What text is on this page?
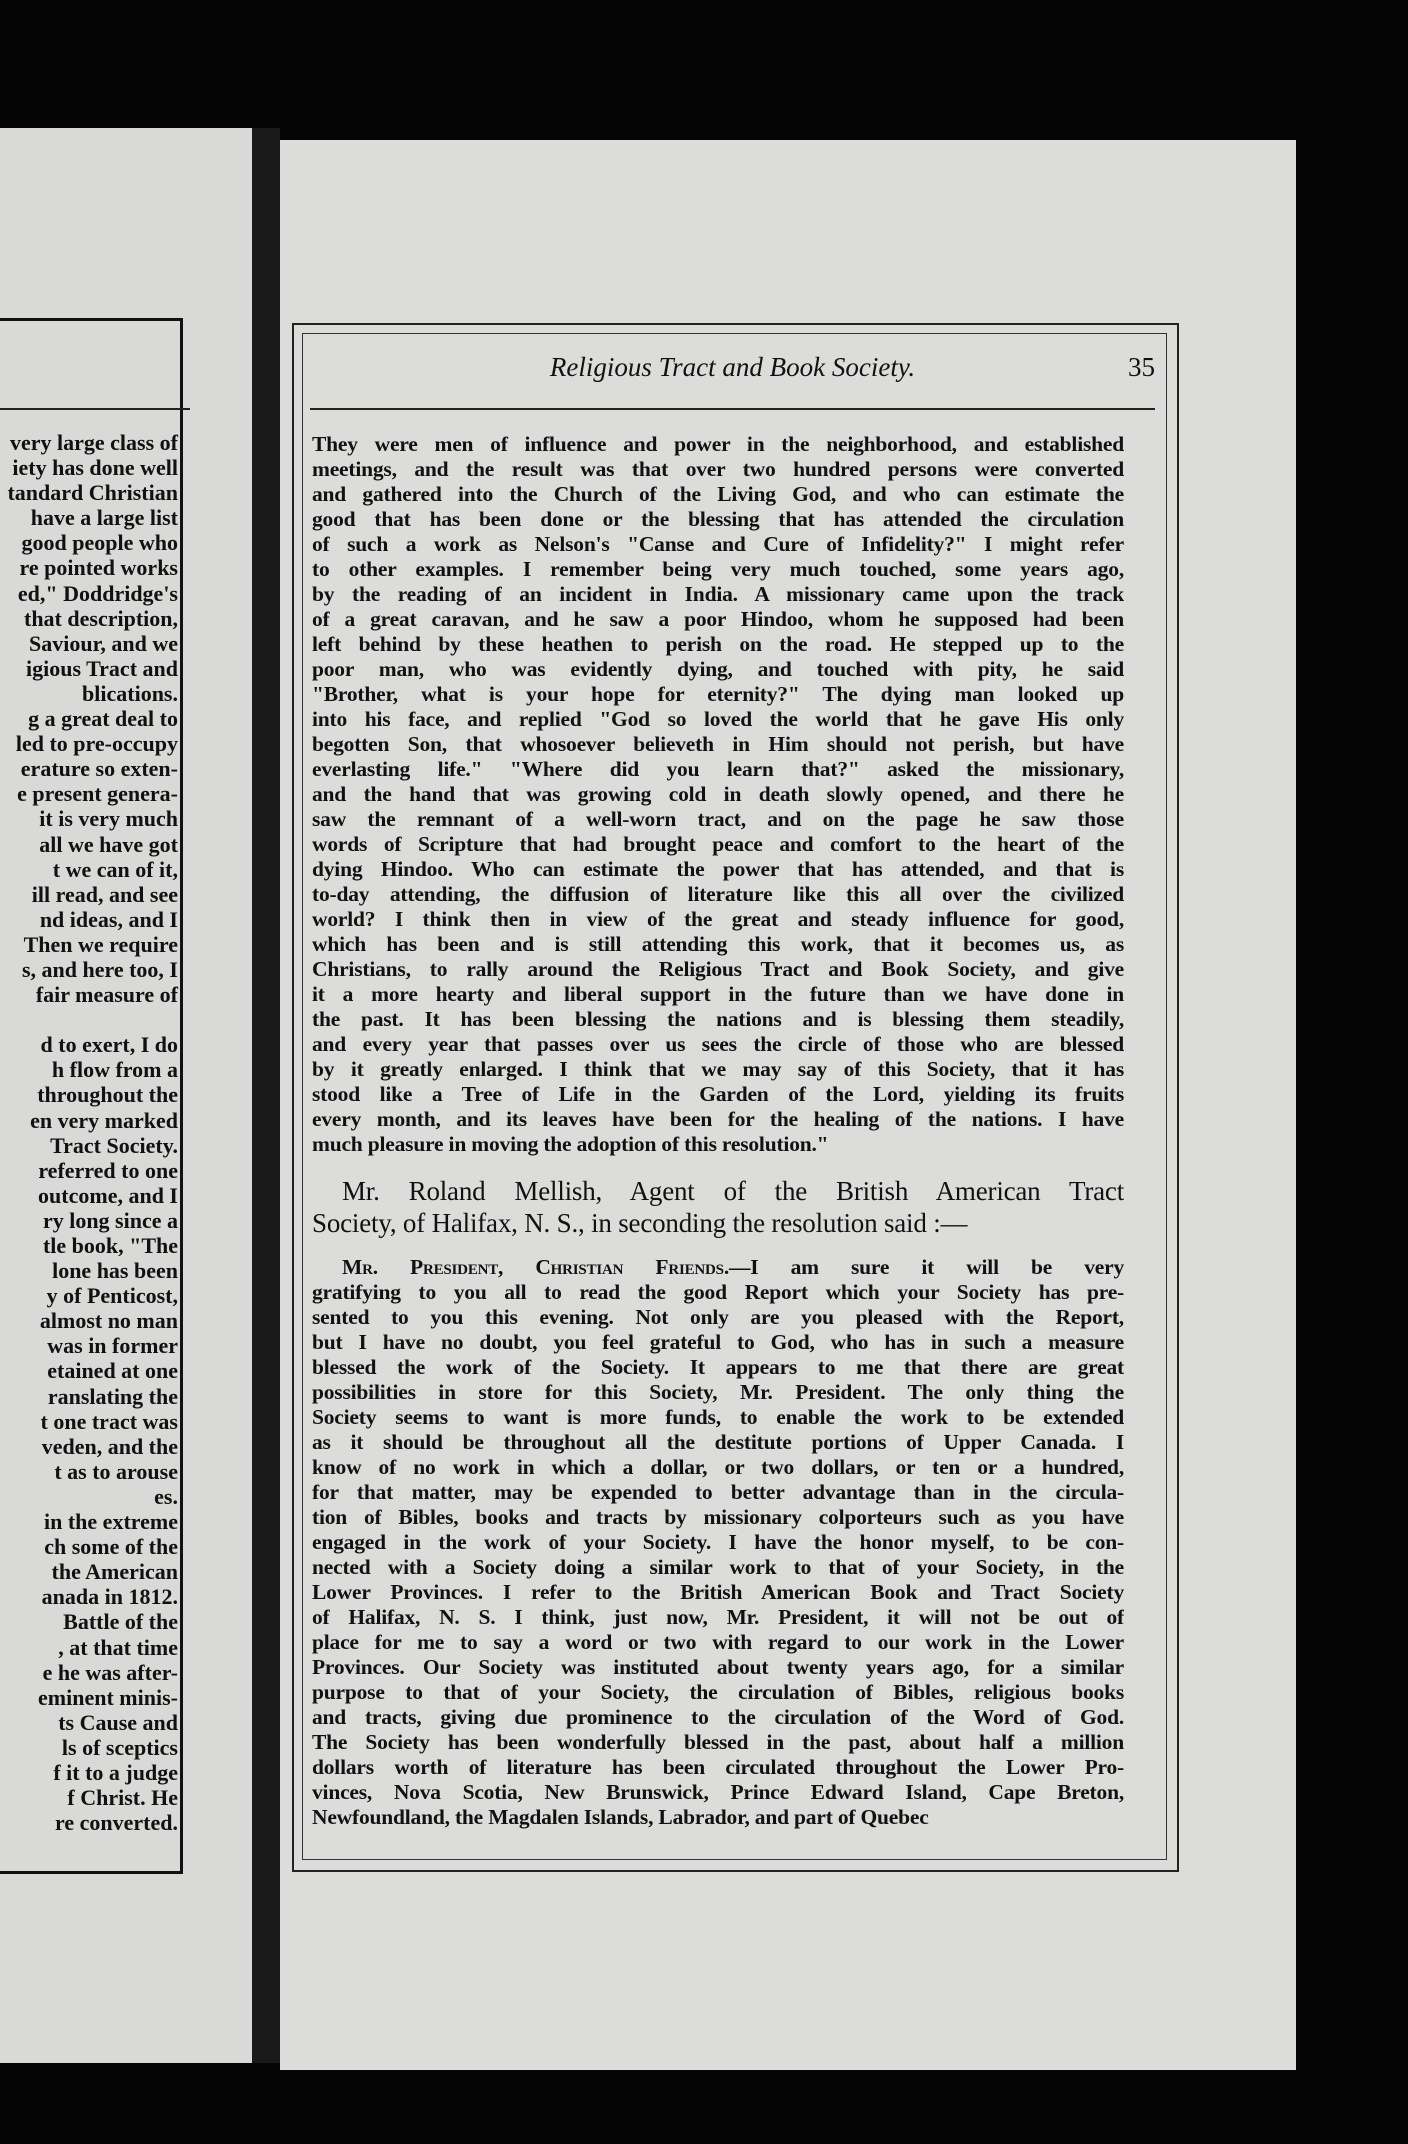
very large class of
iety has done well
tandard Christian
have a large list
good people who
re pointed works
ed," Doddridge's
that description,
Saviour, and we
igious Tract and
blications.
g a great deal to
led to pre-occupy
erature so exten-
e present genera-
it is very much
all we have got
t we can of it,
ill read, and see
nd ideas, and I
Then we require
s, and here too, I
fair measure of
d to exert, I do
h flow from a
throughout the
en very marked
Tract Society.
referred to one
outcome, and I
ry long since a
tle book, "The
lone has been
y of Penticost,
almost no man
was in former
etained at one
ranslating the
t one tract was
veden, and the
t as to arouse
es.
in the extreme
ch some of the
the American
anada in 1812.
Battle of the
, at that time
e he was after-
eminent minis-
ts Cause and
ls of sceptics
f it to a judge
f Christ. He
re converted.
Religious Tract and Book Society.	35
They were men of influence and power in the neighborhood, and established
meetings, and the result was that over two hundred persons were converted
and gathered into the Church of the Living God, and who can estimate the
good that has been done or the blessing that has attended the circulation
of such a work as Nelson's "Canse and Cure of Infidelity?" I might refer
to other examples. I remember being very much touched, some years ago,
by the reading of an incident in India. A missionary came upon the track
of a great caravan, and he saw a poor Hindoo, whom he supposed had been
left behind by these heathen to perish on the road. He stepped up to the
poor man, who was evidently dying, and touched with pity, he said
"Brother, what is your hope for eternity?" The dying man looked up
into his face, and replied "God so loved the world that he gave His only
begotten Son, that whosoever believeth in Him should not perish, but have
everlasting life." "Where did you learn that?" asked the missionary,
and the hand that was growing cold in death slowly opened, and there he
saw the remnant of a well-worn tract, and on the page he saw those
words of Scripture that had brought peace and comfort to the heart of the
dying Hindoo. Who can estimate the power that has attended, and that is
to-day attending, the diffusion of literature like this all over the civilized
world? I think then in view of the great and steady influence for good,
which has been and is still attending this work, that it becomes us, as
Christians, to rally around the Religious Tract and Book Society, and give
it a more hearty and liberal support in the future than we have done in
the past. It has been blessing the nations and is blessing them steadily,
and every year that passes over us sees the circle of those who are blessed
by it greatly enlarged. I think that we may say of this Society, that it has
stood like a Tree of Life in the Garden of the Lord, yielding its fruits
every month, and its leaves have been for the healing of the nations. I have
much pleasure in moving the adoption of this resolution."
Mr. Roland Mellish, Agent of the British American Tract
Society, of Halifax, N. S., in seconding the resolution said :—
Mr. President, Christian Friends.—I am sure it will be very
gratifying to you all to read the good Report which your Society has pre-
sented to you this evening. Not only are you pleased with the Report,
but I have no doubt, you feel grateful to God, who has in such a measure
blessed the work of the Society. It appears to me that there are great
possibilities in store for this Society, Mr. President. The only thing the
Society seems to want is more funds, to enable the work to be extended
as it should be throughout all the destitute portions of Upper Canada. I
know of no work in which a dollar, or two dollars, or ten or a hundred,
for that matter, may be expended to better advantage than in the circula-
tion of Bibles, books and tracts by missionary colporteurs such as you have
engaged in the work of your Society. I have the honor myself, to be con-
nected with a Society doing a similar work to that of your Society, in the
Lower Provinces. I refer to the British American Book and Tract Society
of Halifax, N. S. I think, just now, Mr. President, it will not be out of
place for me to say a word or two with regard to our work in the Lower
Provinces. Our Society was instituted about twenty years ago, for a similar
purpose to that of your Society, the circulation of Bibles, religious books
and tracts, giving due prominence to the circulation of the Word of God.
The Society has been wonderfully blessed in the past, about half a million
dollars worth of literature has been circulated throughout the Lower Pro-
vinces, Nova Scotia, New Brunswick, Prince Edward Island, Cape Breton,
Newfoundland, the Magdalen Islands, Labrador, and part of Quebec
